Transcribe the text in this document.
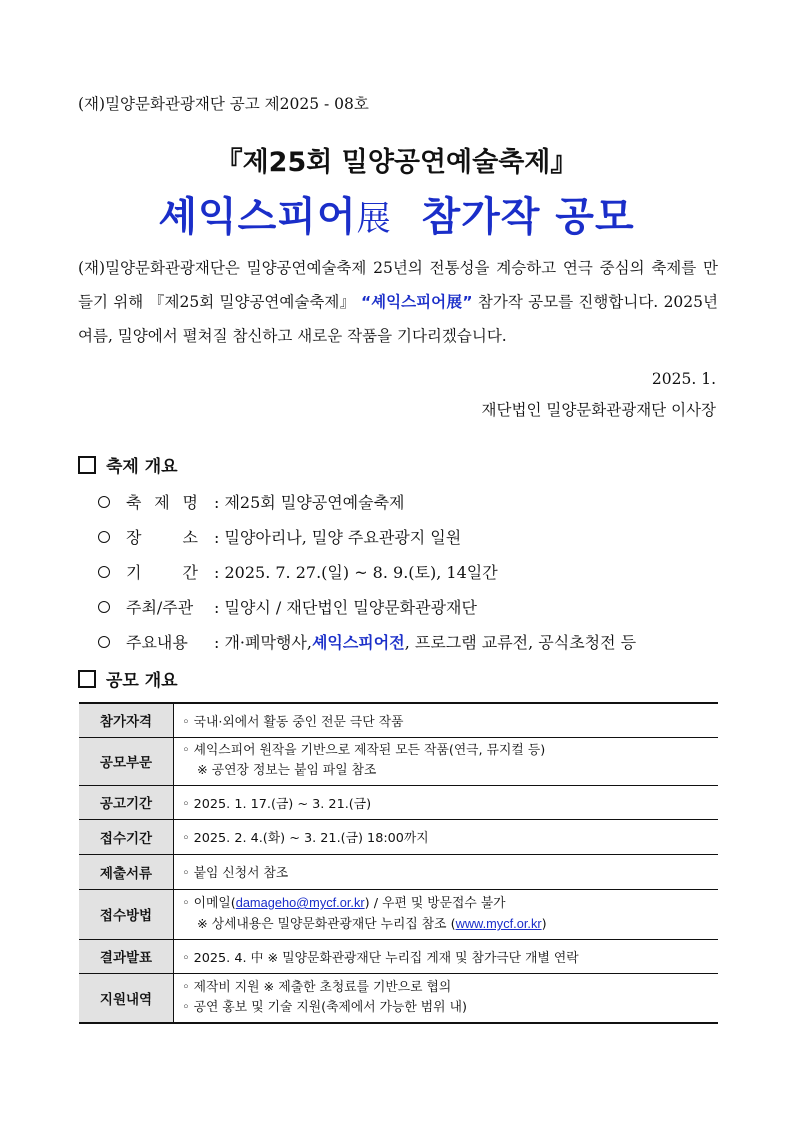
(재)밀양문화관광재단 공고 제2025 - 08호
『제25회 밀양공연예술축제』
셰익스피어展 참가작 공모
(재)밀양문화관광재단은 밀양공연예술축제 25년의 전통성을 계승하고 연극 중심의 축제를 만들기 위해 『제25회 밀양공연예술축제』 “셰익스피어展” 참가작 공모를 진행합니다. 2025년 여름, 밀양에서 펼쳐질 참신하고 새로운 작품을 기다리겠습니다.
2025. 1.
재단법인 밀양문화관광재단 이사장
축제 개요
축 제 명 : 제25회 밀양공연예술축제
장 소 : 밀양아리나, 밀양 주요관광지 일원
기 간 : 2025. 7. 27.(일) ~ 8. 9.(토), 14일간
주최/주관 : 밀양시 / 재단법인 밀양문화관광재단
주요내용	: 개·폐막행사, 셰익스피어전 , 프로그램 교류전, 공식초청전 등
공모 개요
참가자격	◦ 국내·외에서 활동 중인 전문 극단 작품
공모부문	◦ 셰익스피어 원작을 기반으로 제작된 모든 작품(연극, 뮤지컬 등)
※ 공연장 정보는 붙임 파일 참조

공고기간	◦ 2025. 1. 17.(금) ~ 3. 21.(금)
접수기간	◦ 2025. 2. 4.(화) ~ 3. 21.(금) 18:00까지
제출서류	◦ 붙임 신청서 참조
접수방법	◦ 이메일(damageho@mycf.or.kr) / 우편 및 방문접수 불가
※ 상세내용은 밀양문화관광재단 누리집 참조 (www.mycf.or.kr)

결과발표	◦ 2025. 4. 中 ※ 밀양문화관광재단 누리집 게재 및 참가극단 개별 연락
지원내역	◦ 제작비 지원 ※ 제출한 초청료를 기반으로 협의
◦ 공연 홍보 및 기술 지원(축제에서 가능한 범위 내)
